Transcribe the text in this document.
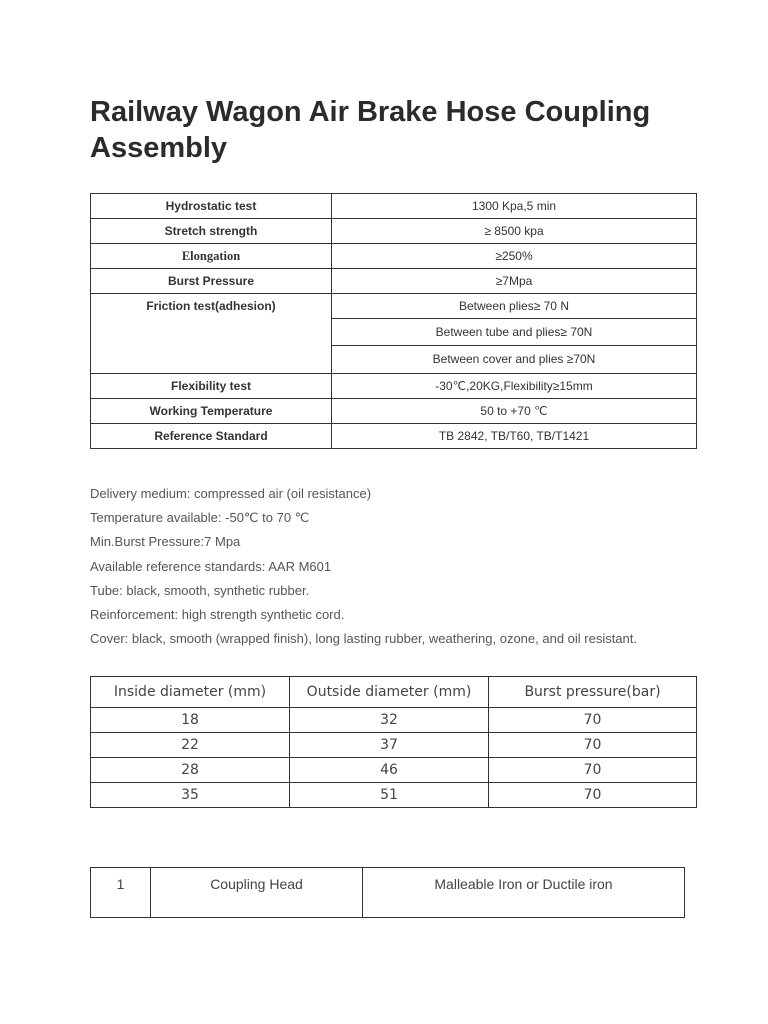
Railway Wagon Air Brake Hose Coupling Assembly
Hydrostatic test	1300 Kpa,5 min
Stretch strength	≥ 8500 kpa
Elongation	≥250%
Burst Pressure	≥7Mpa
Friction test(adhesion)	Between plies≥ 70 N
	Between tube and plies≥ 70N
	Between cover and plies ≥70N
Flexibility test	-30℃,20KG,Flexibility≥15mm
Working Temperature	50 to +70 ℃
Reference Standard	TB 2842, TB/T60, TB/T1421
Delivery medium: compressed air (oil resistance)
Temperature available: -50℃ to 70 ℃
Min.Burst Pressure:7 Mpa
Available reference standards: AAR M601
Tube: black, smooth, synthetic rubber.
Reinforcement: high strength synthetic cord.
Cover: black, smooth (wrapped finish), long lasting rubber, weathering, ozone, and oil resistant.
Inside diameter (mm)	Outside diameter (mm)	Burst pressure(bar)
18	32	70
22	37	70
28	46	70
35	51	70
1	Coupling Head	Malleable Iron or Ductile iron
